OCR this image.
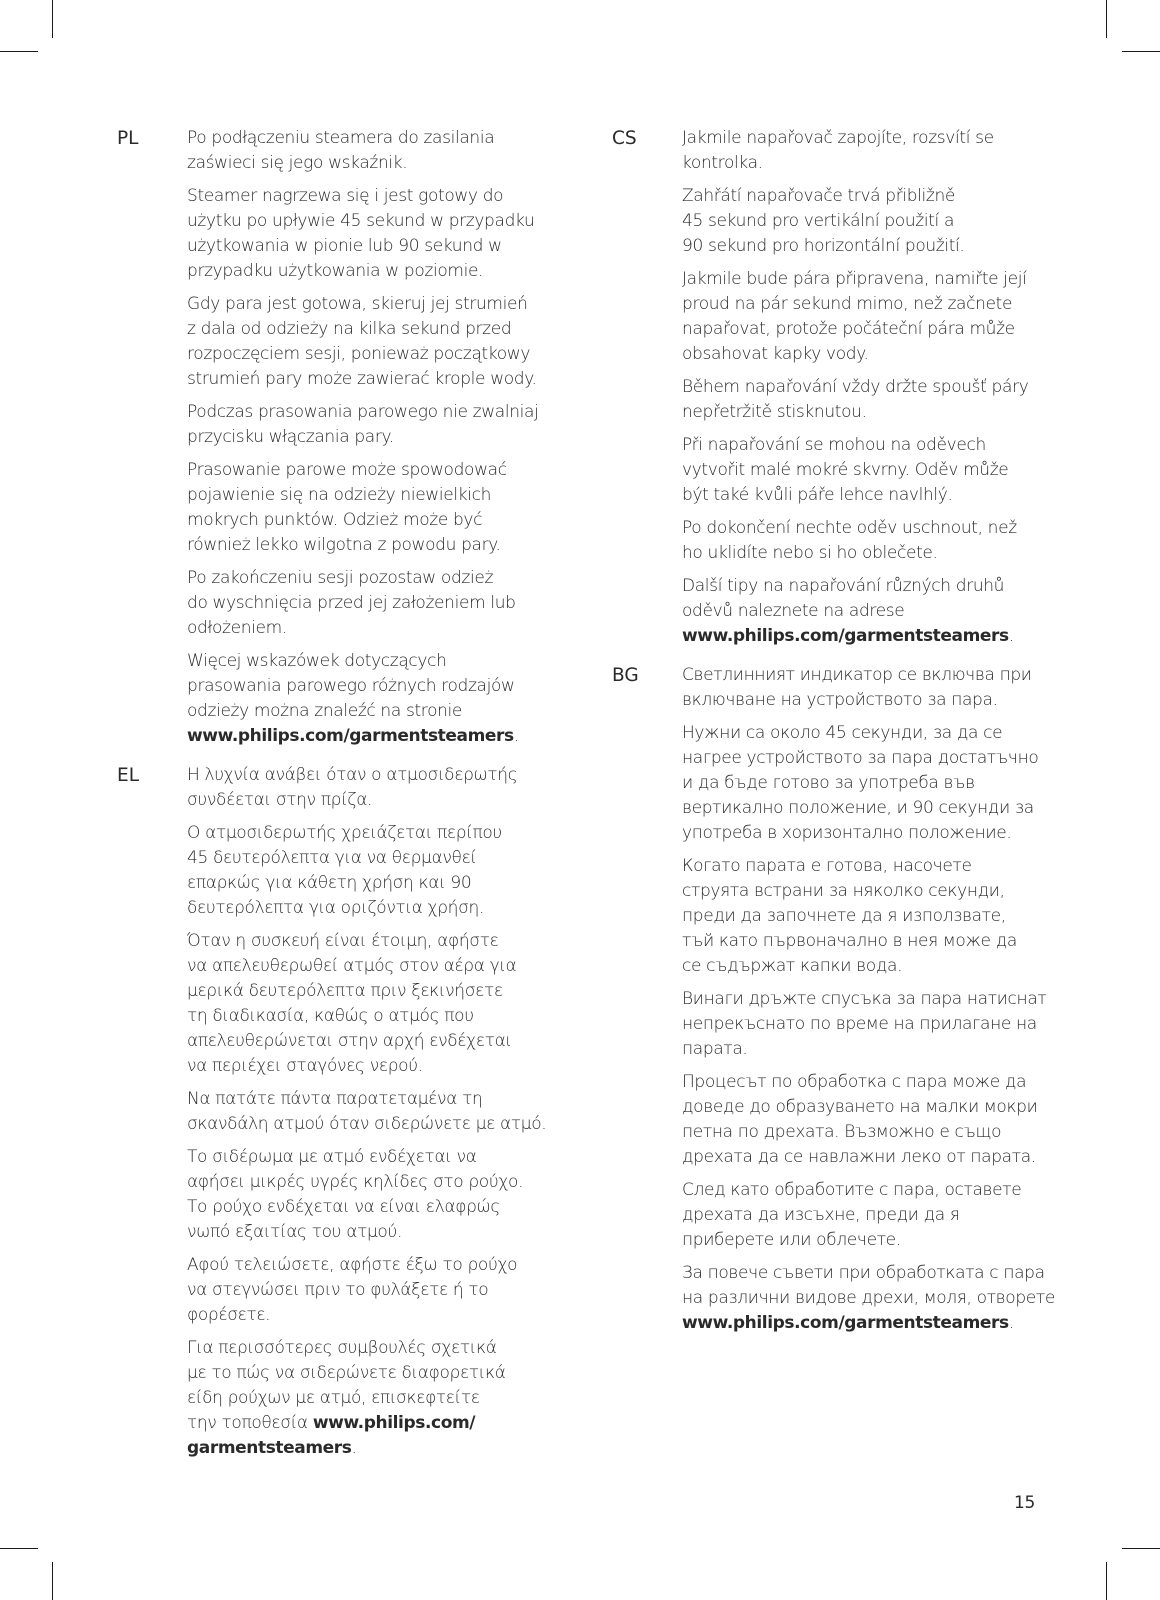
PL	Po podłączeniu steamera do zasilania
zaświeci się jego wskaźnik.

Steamer nagrzewa się i jest gotowy do
użytku po upływie 45 sekund w przypadku
użytkowania w pionie lub 90 sekund w
przypadku użytkowania w poziomie.

Gdy para jest gotowa, skieruj jej strumień
z dala od odzieży na kilka sekund przed
rozpoczęciem sesji, ponieważ początkowy
strumień pary może zawierać krople wody.

Podczas prasowania parowego nie zwalniaj
przycisku włączania pary.

Prasowanie parowe może spowodować
pojawienie się na odzieży niewielkich
mokrych punktów. Odzież może być
również lekko wilgotna z powodu pary.

Po zakończeniu sesji pozostaw odzież
do wyschnięcia przed jej założeniem lub
odłożeniem.

Więcej wskazówek dotyczących
prasowania parowego różnych rodzajów
odzieży można znaleźć na stronie
www.philips.com/garmentsteamers.

EL	Η λυχνία ανάβει όταν ο ατμοσιδερωτής
συνδέεται στην πρίζα.

Ο ατμοσιδερωτής χρειάζεται περίπου
45 δευτερόλεπτα για να θερμανθεί
επαρκώς για κάθετη χρήση και 90
δευτερόλεπτα για οριζόντια χρήση.

Όταν η συσκευή είναι έτοιμη, αφήστε
να απελευθερωθεί ατμός στον αέρα για
μερικά δευτερόλεπτα πριν ξεκινήσετε
τη διαδικασία, καθώς ο ατμός που
απελευθερώνεται στην αρχή ενδέχεται
να περιέχει σταγόνες νερού.

Να πατάτε πάντα παρατεταμένα τη
σκανδάλη ατμού όταν σιδερώνετε με ατμό.

Το σιδέρωμα με ατμό ενδέχεται να
αφήσει μικρές υγρές κηλίδες στο ρούχο.
Το ρούχο ενδέχεται να είναι ελαφρώς
νωπό εξαιτίας του ατμού.

Αφού τελειώσετε, αφήστε έξω το ρούχο
να στεγνώσει πριν το φυλάξετε ή το
φορέσετε.

Για περισσότερες συμβουλές σχετικά
με το πώς να σιδερώνετε διαφορετικά
είδη ρούχων με ατμό, επισκεφτείτε
την τοποθεσία www.philips.com/
garmentsteamers.

CS	Jakmile napařovač zapojíte, rozsvítí se
kontrolka.

Zahřátí napařovače trvá přibližně
45 sekund pro vertikální použití a
90 sekund pro horizontální použití.

Jakmile bude pára připravena, namiřte její
proud na pár sekund mimo, než začnete
napařovat, protože počáteční pára může
obsahovat kapky vody.

Během napařování vždy držte spoušť páry
nepřetržitě stisknutou.

Při napařování se mohou na oděvech
vytvořit malé mokré skvrny. Oděv může
být také kvůli páře lehce navlhlý.

Po dokončení nechte oděv uschnout, než
ho uklidíte nebo si ho oblečete.

Další tipy na napařování různých druhů
oděvů naleznete na adrese
www.philips.com/garmentsteamers.

BG	Светлинният индикатор се включва при
включване на устройството за пара.

Нужни са около 45 секунди, за да се
нагрее устройството за пара достатъчно
и да бъде готово за употреба във
вертикално положение, и 90 секунди за
употреба в хоризонтално положение.

Когато парата е готова, насочете
струята встрани за няколко секунди,
преди да започнете да я използвате,
тъй като първоначално в нея може да
се съдържат капки вода.

Винаги дръжте спусъка за пара натиснат
непрекъснато по време на прилагане на
парата.

Процесът по обработка с пара може да
доведе до образуването на малки мокри
петна по дрехата. Възможно е също
дрехата да се навлажни леко от парата.

След като обработите с пара, оставете
дрехата да изсъхне, преди да я
приберете или облечете.

За повече съвети при обработката с пара
на различни видове дрехи, моля, отворете
www.philips.com/garmentsteamers.

15
